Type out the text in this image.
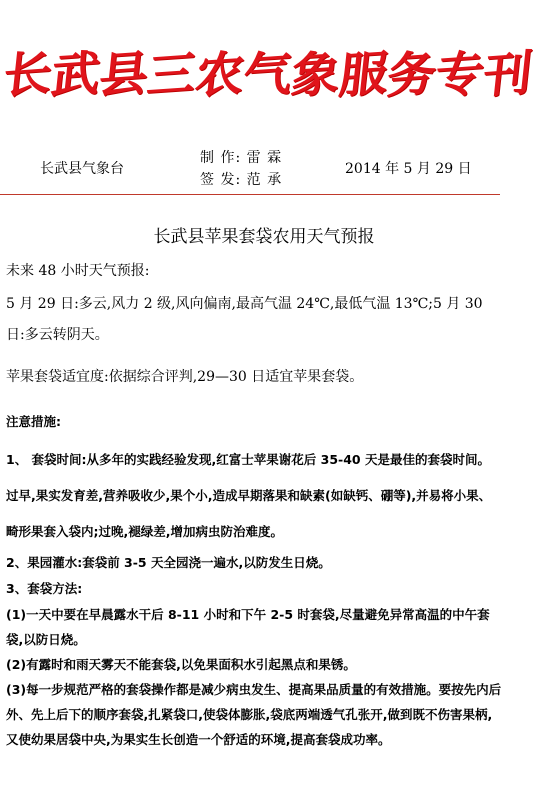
长
武
县
三
农
气
象
服
务
专
刊
长武县气象台
制 作: 雷 霖
签 发: 范 承
2014 年 5 月 29 日
长武县苹果套袋农用天气预报

未来 48 小时天气预报:

5 月 29 日:多云,风力 2 级,风向偏南,最高气温 24℃,最低气温 13℃;5 月 30 日:多云转阴天。

苹果套袋适宜度:依据综合评判,29—30 日适宜苹果套袋。

注意措施:

1、 套袋时间:从多年的实践经验发现,红富士苹果谢花后 35-40 天是最佳的套袋时间。过早,果实发育差,营养吸收少,果个小,造成早期落果和缺素(如缺钙、硼等),并易将小果、畸形果套入袋内;过晚,褪绿差,增加病虫防治难度。

2、果园灌水:套袋前 3-5 天全园浇一遍水,以防发生日烧。

3、套袋方法:

(1)一天中要在早晨露水干后 8-11 小时和下午 2-5 时套袋,尽量避免异常高温的中午套袋,以防日烧。

(2)有露时和雨天雾天不能套袋,以免果面积水引起黑点和果锈。

(3)每一步规范严格的套袋操作都是减少病虫发生、提高果品质量的有效措施。要按先内后外、先上后下的顺序套袋,扎紧袋口,使袋体膨胀,袋底两端透气孔张开,做到既不伤害果柄,又使幼果居袋中央,为果实生长创造一个舒适的环境,提高套袋成功率。
